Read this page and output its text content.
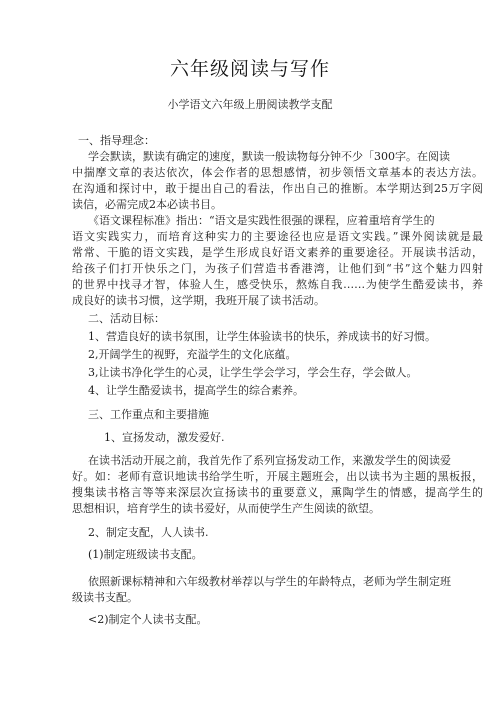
六年级阅读与写作
小学语文六年级上册阅读教学支配
一、指导理念：
学会默读，默读有确定的速度，默读一般读物每分钟不少「300字。在阅读
中揣摩文章的表达依次，体会作者的思想感情，初步领悟文章基本的表达方法。
在沟通和探讨中，敢于提出自己的看法，作出自己的推断。本学期达到25万字阅
读信，必需完成2本必读书目。
《语文课程标准》指出：“语文是实践性很强的课程，应着重培育学生的
语文实践实力，而培育这种实力的主要途径也应是语文实践。”课外阅读就是最
常常、干脆的语文实践，是学生形成良好语文素养的重要途径。开展读书活动，
给孩子们打开快乐之门，为孩子们营造书香港湾，让他们到“书”这个魅力四射
的世界中找寻才智，体验人生，感受快乐，熬炼自我……为使学生酷爱读书，养
成良好的读书习惯，这学期，我班开展了读书活动。
二、活动目标：
1、营造良好的读书氛围，让学生体验读书的快乐，养成读书的好习惯。
2,开阔学生的视野，充溢学生的文化底蕴。
3,让读书净化学生的心灵，让学生学会学习，学会生存，学会做人。
4、让学生酷爱读书，提高学生的综合素养。
三、工作重点和主要措施
1、宣扬发动，激发爱好.
在读书活动开展之前，我首先作了系列宣扬发动工作，来激发学生的阅读爱
好。如：老师有意识地读书给学生听，开展主题班会，出以读书为主题的黑板报，
搜集读书格言等等来深层次宣扬读书的重要意义，熏陶学生的情感，提高学生的
思想相识，培育学生的读书爱好，从而使学生产生阅读的欲望。
2、制定支配，人人读书.
(1)制定班级读书支配。
依照新课标精神和六年级教材举荐以与学生的年龄特点，老师为学生制定班
级读书支配。
<2)制定个人读书支配。
